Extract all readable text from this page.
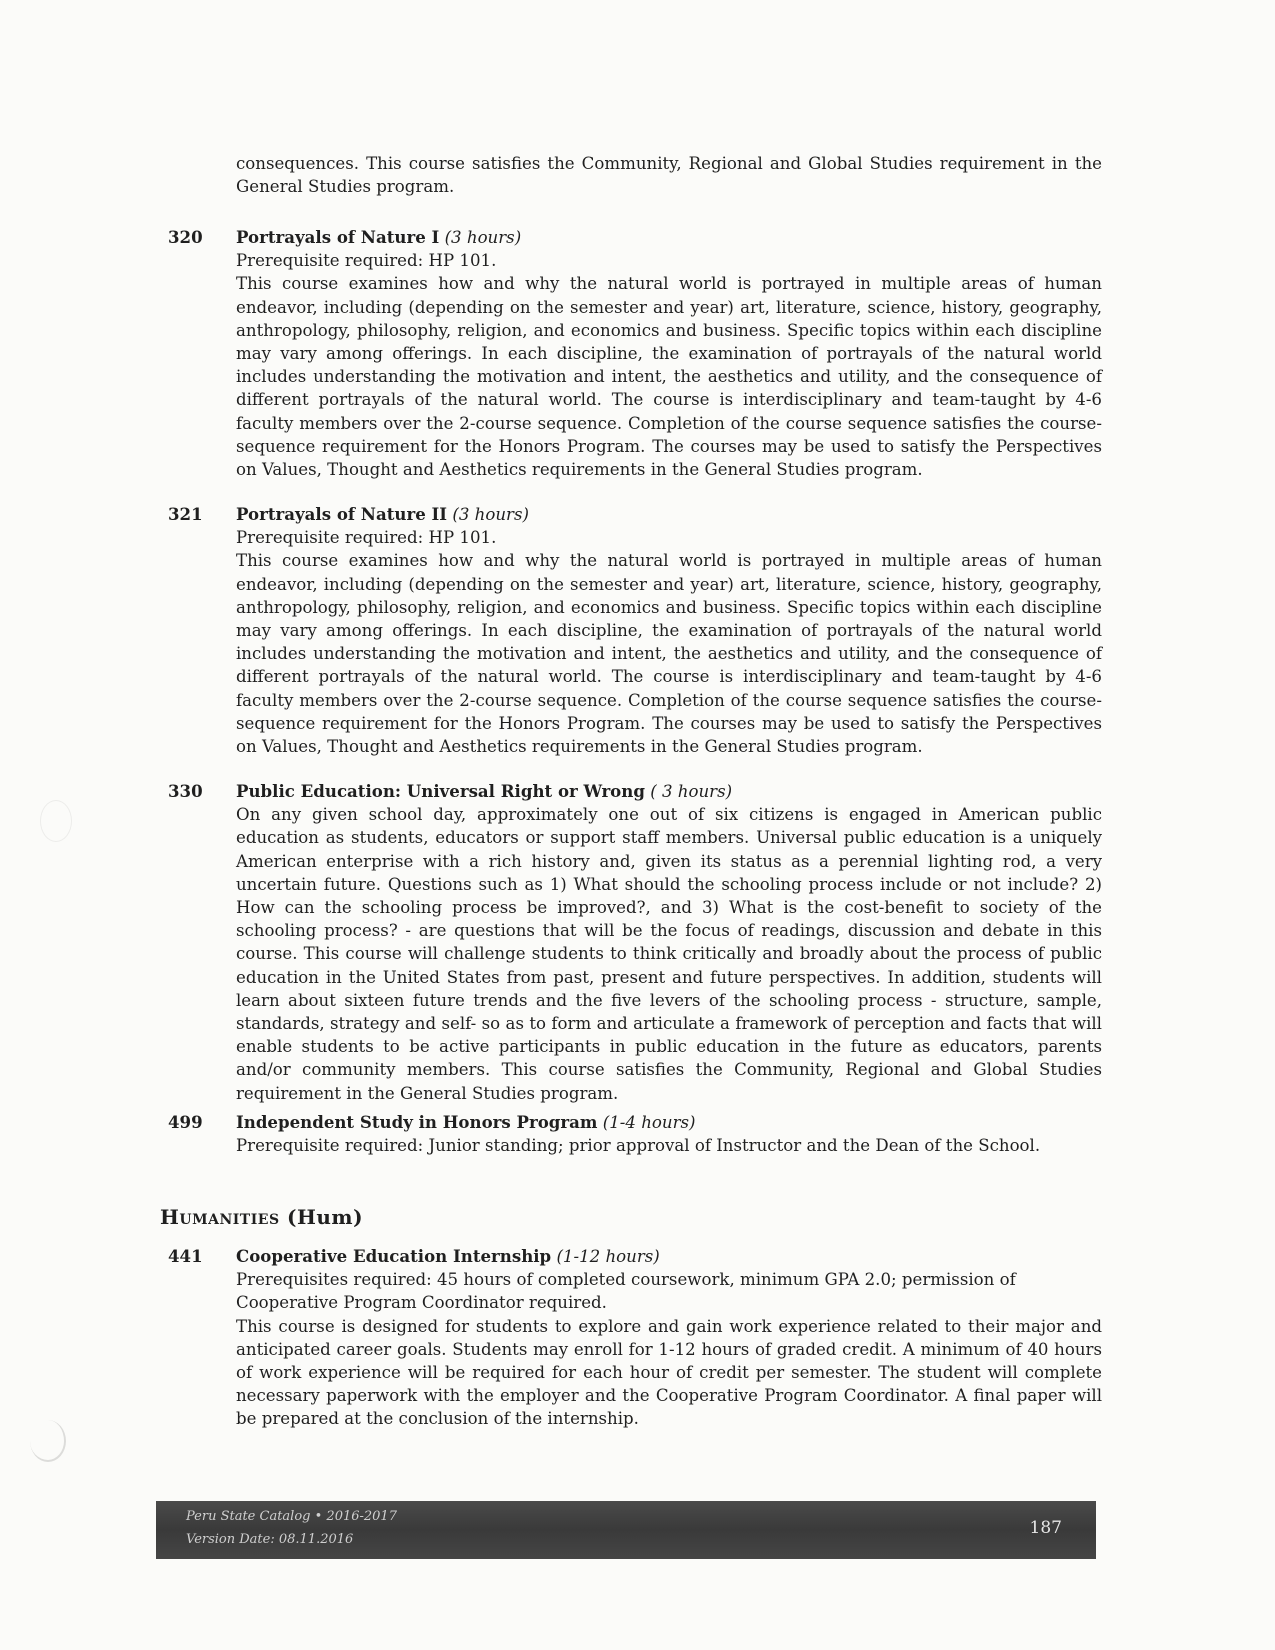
consequences. This course satisfies the Community, Regional and Global Studies requirement in the General Studies program.
320 Portrayals of Nature I (3 hours)
Prerequisite required: HP 101.
This course examines how and why the natural world is portrayed in multiple areas of human endeavor, including (depending on the semester and year) art, literature, science, history, geography, anthropology, philosophy, religion, and economics and business. Specific topics within each discipline may vary among offerings. In each discipline, the examination of portrayals of the natural world includes understanding the motivation and intent, the aesthetics and utility, and the consequence of different portrayals of the natural world. The course is interdisciplinary and team-taught by 4-6 faculty members over the 2-course sequence. Completion of the course sequence satisfies the course-sequence requirement for the Honors Program. The courses may be used to satisfy the Perspectives on Values, Thought and Aesthetics requirements in the General Studies program.
321 Portrayals of Nature II (3 hours)
Prerequisite required: HP 101.
This course examines how and why the natural world is portrayed in multiple areas of human endeavor, including (depending on the semester and year) art, literature, science, history, geography, anthropology, philosophy, religion, and economics and business. Specific topics within each discipline may vary among offerings. In each discipline, the examination of portrayals of the natural world includes understanding the motivation and intent, the aesthetics and utility, and the consequence of different portrayals of the natural world. The course is interdisciplinary and team-taught by 4-6 faculty members over the 2-course sequence. Completion of the course sequence satisfies the course-sequence requirement for the Honors Program. The courses may be used to satisfy the Perspectives on Values, Thought and Aesthetics requirements in the General Studies program.
330 Public Education: Universal Right or Wrong ( 3 hours)
On any given school day, approximately one out of six citizens is engaged in American public education as students, educators or support staff members. Universal public education is a uniquely American enterprise with a rich history and, given its status as a perennial lighting rod, a very uncertain future. Questions such as 1) What should the schooling process include or not include? 2) How can the schooling process be improved?, and 3) What is the cost-benefit to society of the schooling process? - are questions that will be the focus of readings, discussion and debate in this course. This course will challenge students to think critically and broadly about the process of public education in the United States from past, present and future perspectives. In addition, students will learn about sixteen future trends and the five levers of the schooling process - structure, sample, standards, strategy and self- so as to form and articulate a framework of perception and facts that will enable students to be active participants in public education in the future as educators, parents and/or community members. This course satisfies the Community, Regional and Global Studies requirement in the General Studies program.
499 Independent Study in Honors Program (1-4 hours)
Prerequisite required: Junior standing; prior approval of Instructor and the Dean of the School.
Humanities (Hum)
441 Cooperative Education Internship (1-12 hours)
Prerequisites required: 45 hours of completed coursework, minimum GPA 2.0; permission of Cooperative Program Coordinator required.
This course is designed for students to explore and gain work experience related to their major and anticipated career goals. Students may enroll for 1-12 hours of graded credit. A minimum of 40 hours of work experience will be required for each hour of credit per semester. The student will complete necessary paperwork with the employer and the Cooperative Program Coordinator. A final paper will be prepared at the conclusion of the internship.
Peru State Catalog • 2016-2017
Version Date: 08.11.2016
187
